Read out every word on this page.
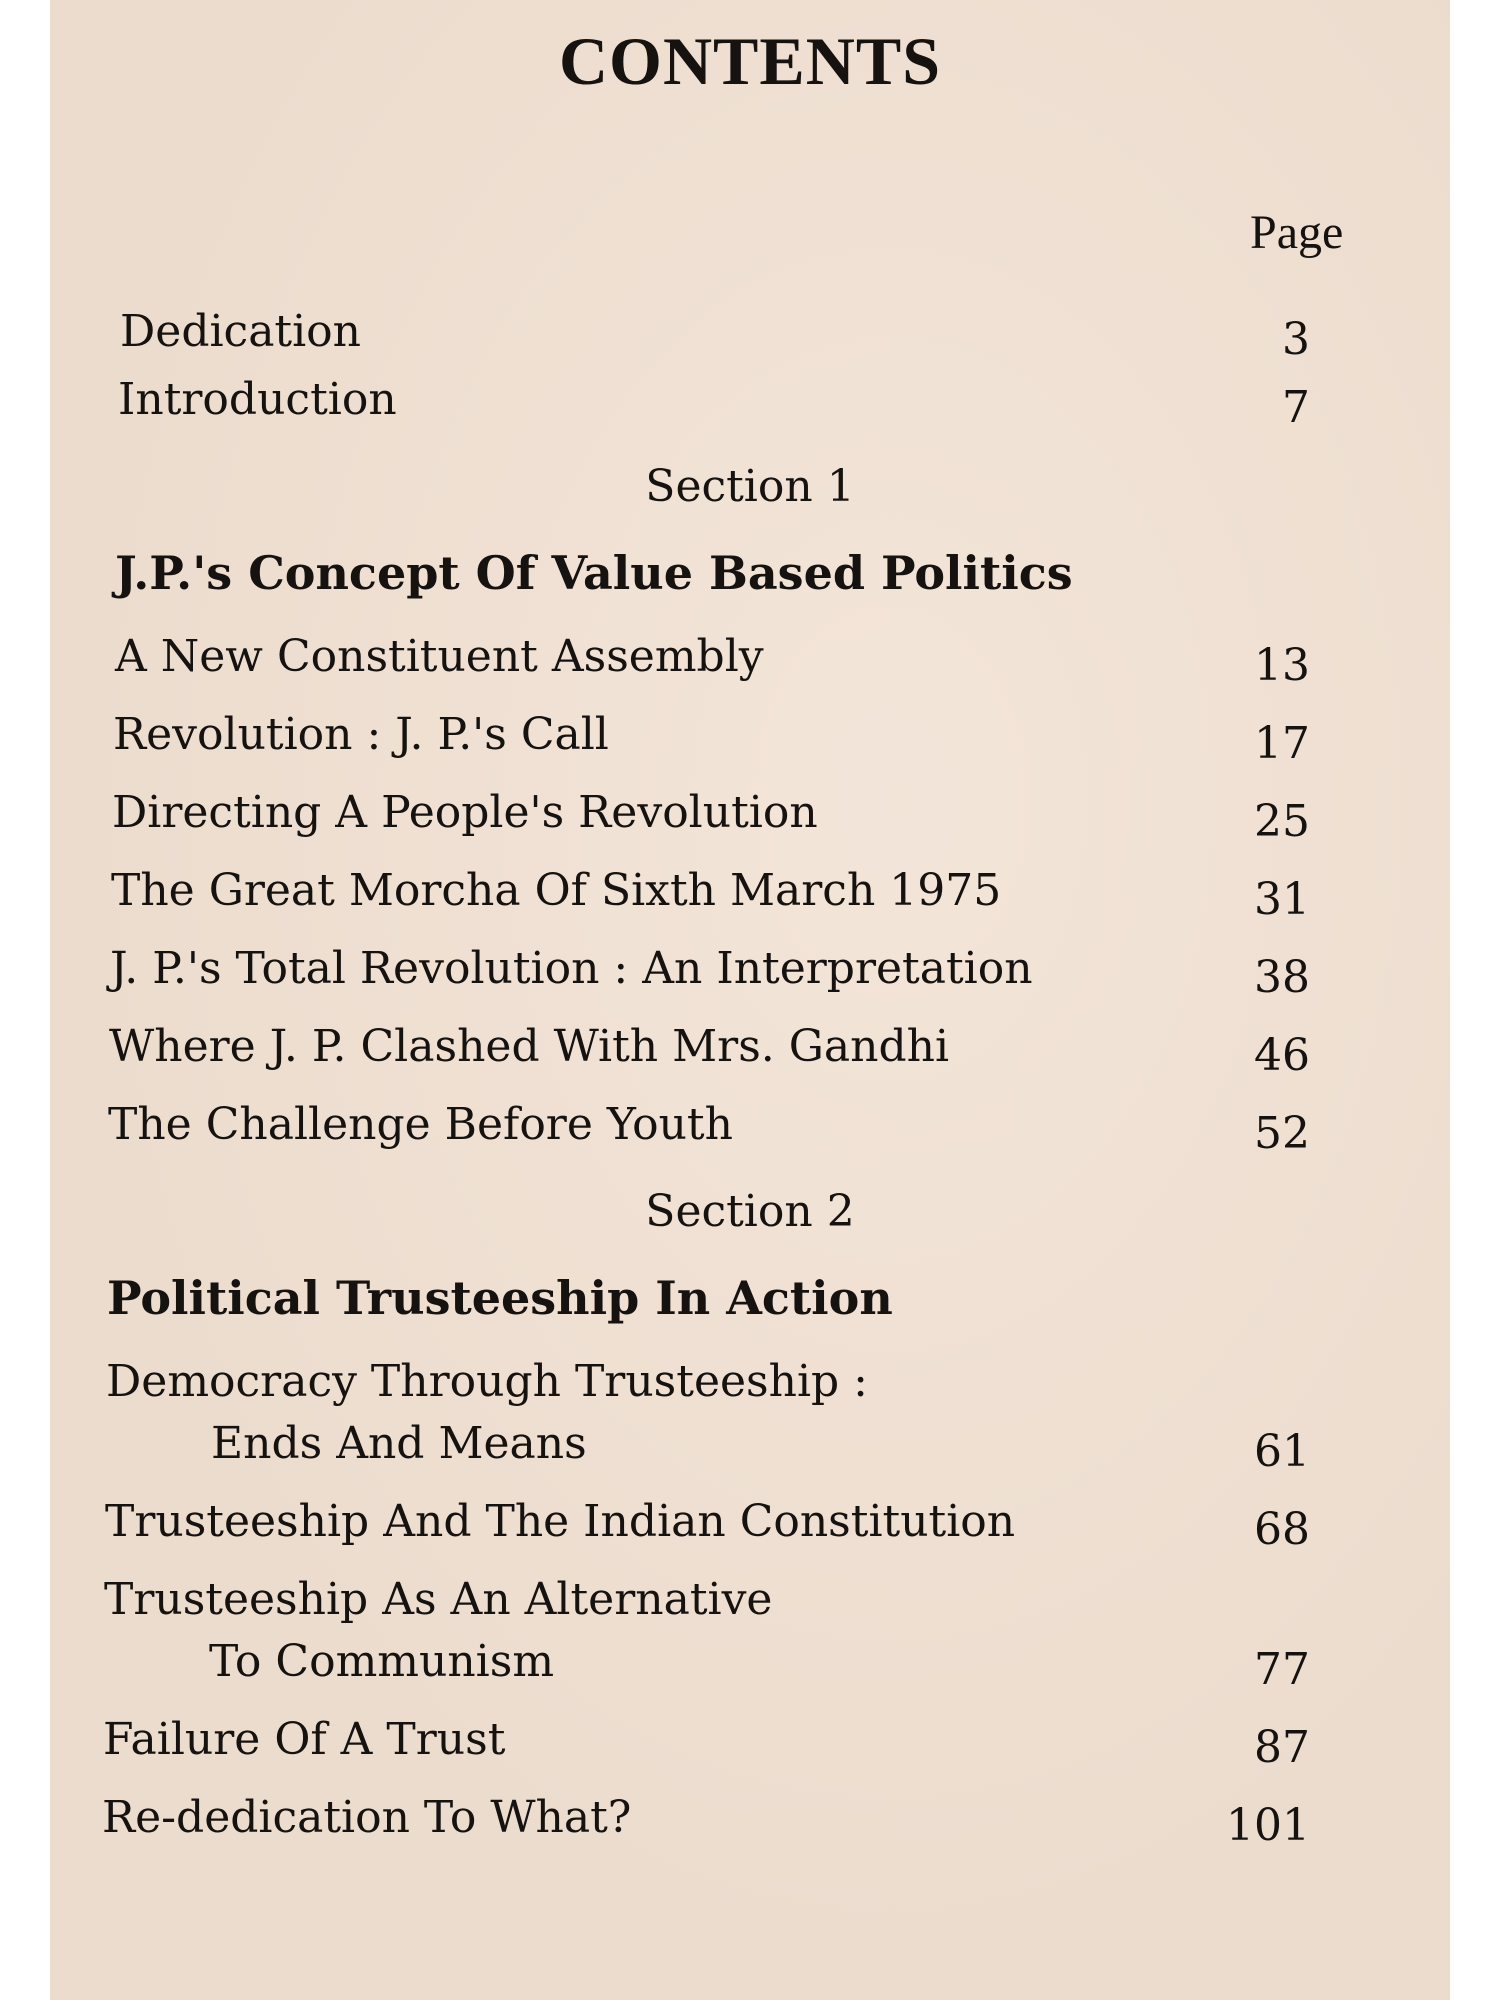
CONTENTS
Page
Dedication	3
Introduction	7
Section 1
J.P.'s Concept Of Value Based Politics
A New Constituent Assembly	13
Revolution : J. P.'s Call	17
Directing A People's Revolution	25
The Great Morcha Of Sixth March 1975	31
J. P.'s Total Revolution : An Interpretation	38
Where J. P. Clashed With Mrs. Gandhi	46
The Challenge Before Youth	52
Section 2
Political Trusteeship In Action
Democracy Through Trusteeship :
Ends And Means	61
Trusteeship And The Indian Constitution	68
Trusteeship As An Alternative
To Communism	77
Failure Of A Trust	87
Re-dedication To What?	101
